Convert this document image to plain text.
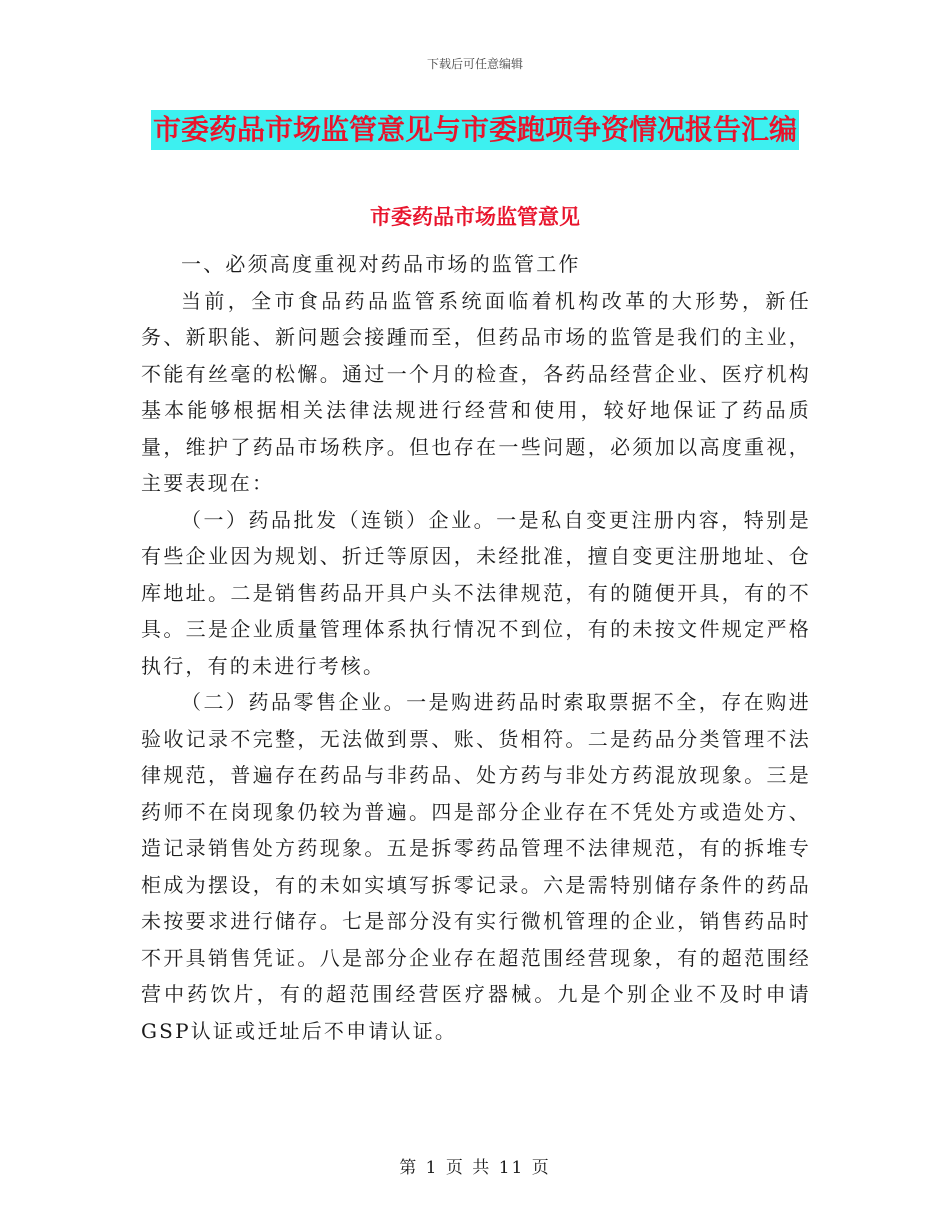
下载后可任意编辑
市委药品市场监管意见与市委跑项争资情况报告汇编
市委药品市场监管意见

一、必须高度重视对药品市场的监管工作

当前，全市食品药品监管系统面临着机构改革的大形势，新任务、新职能、新问题会接踵而至，但药品市场的监管是我们的主业，不能有丝毫的松懈。通过一个月的检查，各药品经营企业、医疗机构基本能够根据相关法律法规进行经营和使用，较好地保证了药品质量，维护了药品市场秩序。但也存在一些问题，必须加以高度重视，主要表现在：

（一）药品批发（连锁）企业。一是私自变更注册内容，特别是有些企业因为规划、折迁等原因，未经批准，擅自变更注册地址、仓库地址。二是销售药品开具户头不法律规范，有的随便开具，有的不具。三是企业质量管理体系执行情况不到位，有的未按文件规定严格执行，有的未进行考核。

（二）药品零售企业。一是购进药品时索取票据不全，存在购进验收记录不完整，无法做到票、账、货相符。二是药品分类管理不法律规范，普遍存在药品与非药品、处方药与非处方药混放现象。三是药师不在岗现象仍较为普遍。四是部分企业存在不凭处方或造处方、造记录销售处方药现象。五是拆零药品管理不法律规范，有的拆堆专柜成为摆设，有的未如实填写拆零记录。六是需特别储存条件的药品未按要求进行储存。七是部分没有实行微机管理的企业，销售药品时不开具销售凭证。八是部分企业存在超范围经营现象，有的超范围经营中药饮片，有的超范围经营医疗器械。九是个别企业不及时申请GSP认证或迁址后不申请认证。

第 1 页 共 11 页
